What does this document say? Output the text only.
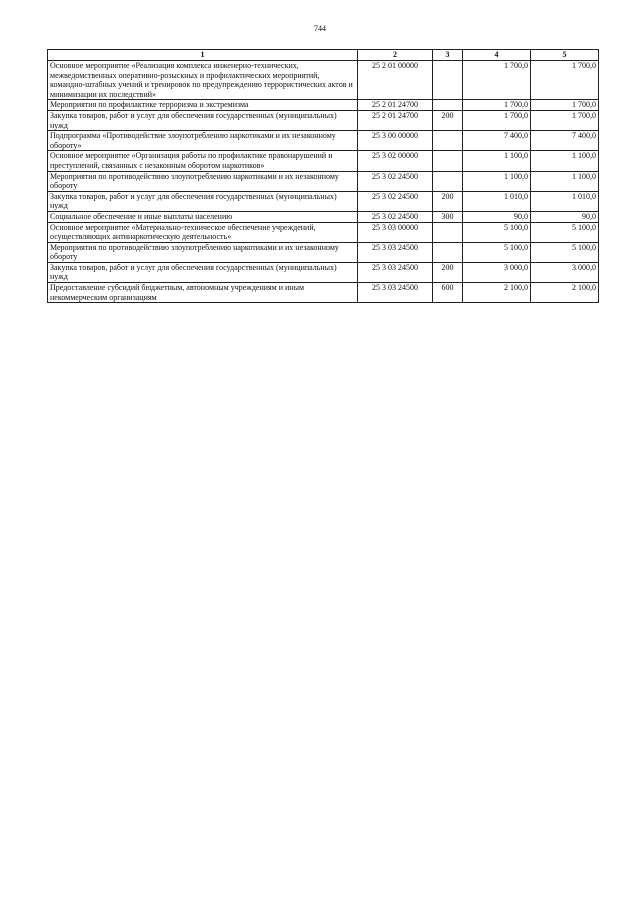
744
1	2	3	4	5
Основное мероприятие «Реализация комплекса инженерно-технических, межведомственных оперативно-розыскных и профилактических мероприятий, командно-штабных учений и тренировок по предупреждению террористических актов и минимизации их последствий»	25 2 01 00000		1 700,0	1 700,0
Мероприятия по профилактике терроризма и экстремизма	25 2 01 24700		1 700,0	1 700,0
Закупка товаров, работ и услуг для обеспечения государственных (муниципальных) нужд	25 2 01 24700	200	1 700,0	1 700,0
Подпрограмма «Противодействие злоупотреблению наркотиками и их незаконному обороту»	25 3 00 00000		7 400,0	7 400,0
Основное мероприятие «Организация работы по профилактике правонарушений и преступлений, связанных с незаконным оборотом наркотиков»	25 3 02 00000		1 100,0	1 100,0
Мероприятия по противодействию злоупотреблению наркотиками и их незаконному обороту	25 3 02 24500		1 100,0	1 100,0
Закупка товаров, работ и услуг для обеспечения государственных (муниципальных) нужд	25 3 02 24500	200	1 010,0	1 010,0
Социальное обеспечение и иные выплаты населению	25 3 02 24500	300	90,0	90,0
Основное мероприятие «Материально-техническое обеспечение учреждений, осуществляющих антинаркотическую деятельность»	25 3 03 00000		5 100,0	5 100,0
Мероприятия по противодействию злоупотреблению наркотиками и их незаконному обороту	25 3 03 24500		5 100,0	5 100,0
Закупка товаров, работ и услуг для обеспечения государственных (муниципальных) нужд	25 3 03 24500	200	3 000,0	3 000,0
Предоставление субсидий бюджетным, автономным учреждениям и иным некоммерческим организациям	25 3 03 24500	600	2 100,0	2 100,0
